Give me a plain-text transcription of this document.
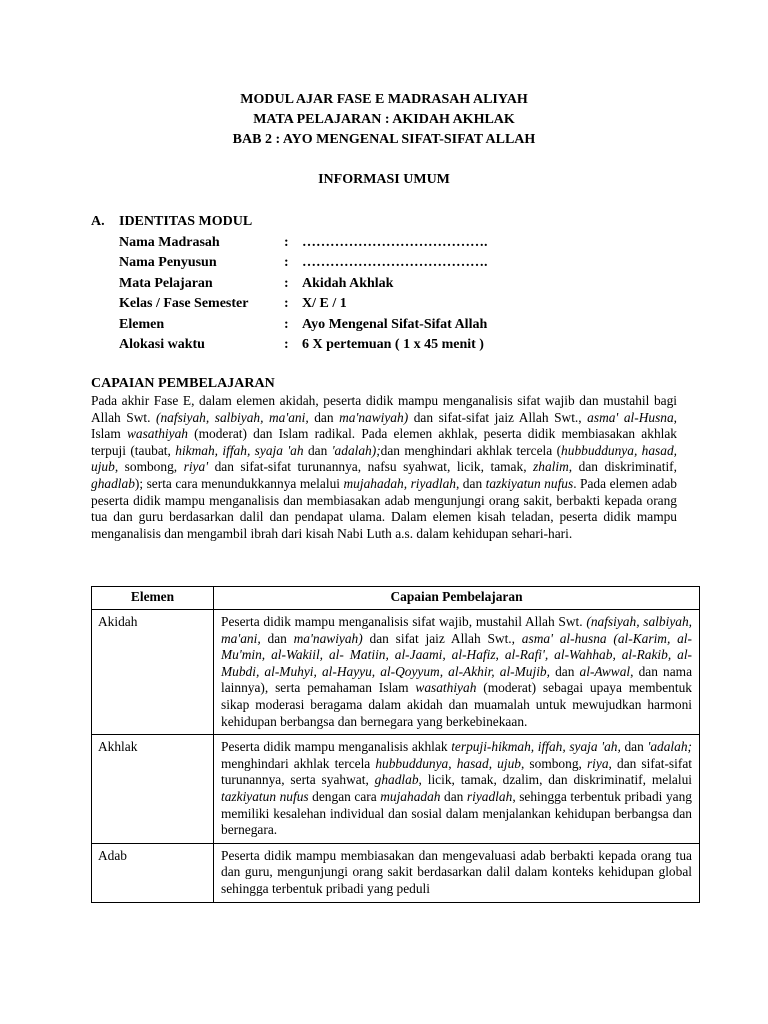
MODUL AJAR FASE E MADRASAH ALIYAH
MATA PELAJARAN : AKIDAH AKHLAK
BAB 2 : AYO MENGENAL SIFAT-SIFAT ALLAH
INFORMASI UMUM
A. IDENTITAS MODUL
Nama Madrasah	:	………………………………….
Nama Penyusun	:	………………………………….
Mata Pelajaran	:	Akidah Akhlak
Kelas / Fase Semester	:	X/ E / 1
Elemen	:	Ayo Mengenal Sifat-Sifat Allah
Alokasi waktu	:	6 X pertemuan ( 1 x 45 menit )
CAPAIAN PEMBELAJARAN

Pada akhir Fase E, dalam elemen akidah, peserta didik mampu menganalisis sifat wajib dan mustahil bagi Allah Swt. (nafsiyah, salbiyah, ma'ani, dan ma'nawiyah) dan sifat-sifat jaiz Allah Swt., asma' al-Husna, Islam wasathiyah (moderat) dan Islam radikal. Pada elemen akhlak, peserta didik membiasakan akhlak terpuji (taubat, hikmah, iffah, syaja 'ah dan 'adalah);dan menghindari akhlak tercela (hubbuddunya, hasad, ujub, sombong, riya' dan sifat-sifat turunannya, nafsu syahwat, licik, tamak, zhalim, dan diskriminatif, ghadlab); serta cara menundukkannya melalui mujahadah, riyadlah, dan tazkiyatun nufus. Pada elemen adab peserta didik mampu menganalisis dan membiasakan adab mengunjungi orang sakit, berbakti kepada orang tua dan guru berdasarkan dalil dan pendapat ulama. Dalam elemen kisah teladan, peserta didik mampu menganalisis dan mengambil ibrah dari kisah Nabi Luth a.s. dalam kehidupan sehari-hari.

Elemen	Capaian Pembelajaran
Akidah	Peserta didik mampu menganalisis sifat wajib, mustahil Allah Swt. (nafsiyah, salbiyah, ma'ani, dan ma'nawiyah) dan sifat jaiz Allah Swt., asma' al-husna (al-Karim, al-Mu'min, al-Wakiil, al- Matiin, al-Jaami, al-Hafiz, al-Rafi', al-Wahhab, al-Rakib, al-Mubdi, al-Muhyi, al-Hayyu, al-Qoyyum, al-Akhir, al-Mujib, dan al-Awwal, dan nama lainnya), serta pemahaman Islam wasathiyah (moderat) sebagai upaya membentuk sikap moderasi beragama dalam akidah dan muamalah untuk mewujudkan harmoni kehidupan berbangsa dan bernegara yang berkebinekaan.
Akhlak	Peserta didik mampu menganalisis akhlak terpuji-hikmah, iffah, syaja 'ah, dan 'adalah; menghindari akhlak tercela hubbuddunya, hasad, ujub, sombong, riya, dan sifat-sifat turunannya, serta syahwat, ghadlab, licik, tamak, dzalim, dan diskriminatif, melalui tazkiyatun nufus dengan cara mujahadah dan riyadlah, sehingga terbentuk pribadi yang memiliki kesalehan individual dan sosial dalam menjalankan kehidupan berbangsa dan bernegara.
Adab	Peserta didik mampu membiasakan dan mengevaluasi adab berbakti kepada orang tua dan guru, mengunjungi orang sakit berdasarkan dalil dalam konteks kehidupan global sehingga terbentuk pribadi yang peduli
